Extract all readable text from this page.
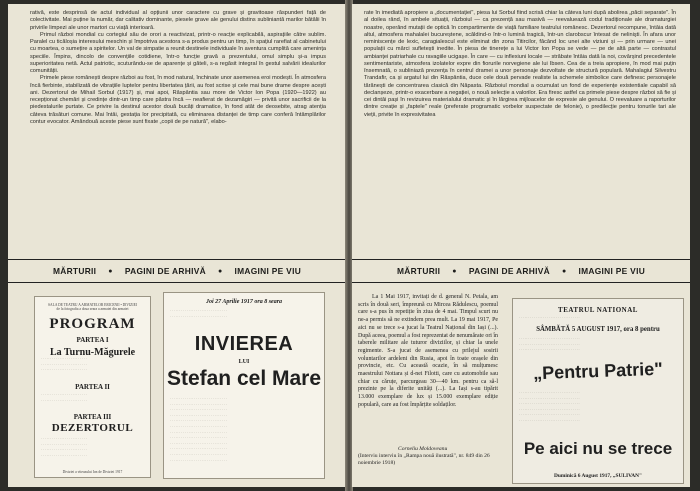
rativă, este desprinsă de actul individual al opțiunii unor caractere cu grave și gravitoase răspunderi față de colectivitate. Mai puține la număr, dar calitativ dominante, piesele grave ale genului distins subliniantă marilor bătălii în privirile limpezi ale unor martori cu viață interioară.

Primul război mondial cu cortegiul său de orori a reactivizat, printr-o reacție explicabilă, aspirațiile către sublim. Paralel cu ticăloșia interesului meschin și împotriva acestora s-a produs pentru un timp, în spațiul rarefiat al cabinetului cu moartea, o sumețire a spiritelor. Un val de simpatie a reunit destinele individuale în aventura cumplită care amenința speciile. Împins, dincolo de convențiile cotidiene, într-o funcție gravă a prezentului, omul simplu și-a impus superioritatea netă. Actul patriotic, scuturându-se de aparențe și găteli, s-a regăsit integral în gestul salvării idealurilor comunității.

Primele piese românești despre război au fost, în mod natural, închinate unor asemenea eroi modești. În atmosfera încă fierbinte, stabilizată de vibrațiile luptelor pentru libertatea țării, au fost scrise și cele mai bune drame despre acești ani. Dezertorul de Mihail Sorbul (1917) și, mai apoi, Răspântia sau more de Victor Ion Popa (1920—1922) au recepționat chemări și credințe dintr-un timp care păstra încă — neafierat de dezamăgiri — privită unor sacrificii de la piedestalurile purtate. Ce privire la destinul acestor două bucăți dramatice, în fond atât de deosebite, atrag atenția câteva trăsături comune. Mai întâi, gestația lor precipitată, cu eliminarea distanței de timp care conferă întâmplărilor contur evocator. Amândouă aceste piese sunt fixate „copii de pe natură", elabo-

MĂRTURII ● PAGINI DE ARHIVĂ ● IMAGINI PE VIU
SALA DE TEATRU A ARMATELOR ERICENII • DIVIZIEI
de la fotografia a doua seara a armatei din armatei
PROGRAM
PARTEA I
La Turnu-Măgurele
· · · · · · · · · · · · · · · · · · · · · · · · ·
· · · · · · · · · · · · · · · · · · · · · · · · ·
· · · · · · · · · · · · · · · · · · · · · · · · ·
PARTEA II
· · · · · · · · · · · · · · · · · · · · · · · · ·
· · · · · · · · · · · · · · · · · · · · · · · · ·
PARTEA III
DEZERTORUL
· · · · · · · · · · · · · · · · · · · · · · · · ·
· · · · · · · · · · · · · · · · · · · · · · · · ·
· · · · · · · · · · · · · · · · · · · · · · · · ·
· · · · · · · · · · · · · · · · · · · · · · · · ·
Diviziei a viteazului Ion de Diviziei 1917
Joi 27 Aprilie 1917 ora 8 seara
· · · · · · · · · · · · · · · · · · · · · · · · · · · · · · ·
· · · · · · · · · · · · · · · · · · · · · · · · · · · · · · ·
INVIEREA
LUI
Stefan cel Mare
· · · · · · · · · · · · · · · · · · · · · · · · · · · · · · ·
· · · · · · · · · · · · · · · · · · · · · · · · · · · · · · ·
· · · · · · · · · · · · · · · · · · · · · · · · · · · · · · ·
· · · · · · · · · · · · · · · · · · · · · · · · · · · · · · ·
· · · · · · · · · · · · · · · · · · · · · · · · · · · · · · ·
· · · · · · · · · · · · · · · · · · · · · · · · · · · · · · ·
· · · · · · · · · · · · · · · · · · · · · · · · · · · · · · ·
· · · · · · · · · · · · · · · · · · · · · · · · · · · · · · ·
· · · · · · · · · · · · · · · · · · · · · · · · · · · · · · ·
· · · · · · · · · · · · · · · · · · · · · · · · · · · · · · ·
· · · · · · · · · · · · · · · · · · · · · · · · · · · · · · ·
· · · · · · · · · · · · · · · · · · · · · · · · · · · · · · ·

rate în imediată apropiere a „documentației", piesa lui Sorbul fiind scrisă chiar la câteva luni după abolirea „păcii separate". În al doilea rând, în ambele situații, războiul — ca prezență sau masivă — reevaluează codul tradiționale ale dramaturgiei noastre, operând mutații de optică în compartimente de viață familiare teatrului românesc. Dezertorul recompune, întâia dată altul, atmosfera mahalalei bucureștene, scăldind-o într-o lumină tragică, într-un clarobscur întesat de nelinişti. În afara unor reminiscențe de lexic, caragialescul este eliminat din zona Titircilor, făcând loc unei alte viziuni și — prin urmare — unei populații cu mărci sufletești inedite. În piesa de tinerețe a lui Victor Ion Popa se vede — pe de altă parte — contrastul ambianței patriarhale cu ravagiile ucigașe. În care — cu inflexiuni locale — străbate întâia dată la noi, covârșind precedentele sentimentariste, atmosfera izolatelor expre din fiorurile norvegiene ale lui Ibsen. Cea de a treia apropiere, în mod mai puțin însemnată, o subliniază prezența în centrul dramei a unor personaje dezvoltate de structură populară. Mahalagiul Silvestru Trandafir, ca și argatul lui din Răspântia, duce cele două pervade realiste la schemele simbolice care definesc personajele tărănești de concentrarea clasică din Năpasta. Războiul mondial a ocumulat un fond de experiențe existentiale capabil să declanșeze, printr-o exacerbare a negației, o nouă selecție a valorilor. Era firesc astfel ca primele piese despre război să fie și cei dintâi pași în revizuirea materialului dramatic și în lărgirea mijloacelor de expresie ale genului. O reevaluare a raporturilor dintre creație și „faptele" reale (preferate programatic vorbelor suspectate de felonie), o predilecție pentru tonurile tari ale vieții, privite în expresivitatea

MĂRTURII ● PAGINI DE ARHIVĂ ● IMAGINI PE VIU
La 1 Mai 1917, invitați de d. general N. Petala, am scris în două seri, împreună cu Mircea Rădulescu, poemul care s-a pus în repetiție în ziua de 4 mai. Timpul scurt nu ne-a permis să ne extindem prea mult. La 19 mai 1917, Pe aici nu se trece s-a jucat la Teatrul Național din Iași (...). După aceea, poemul a fost reprezentat de nenumărate ori în taberele militare ale tuturor diviziilor, și chiar la unele regimente. S-a jucat de asemenea cu prilejul sosirii voluntarilor ardeleni din Rusia, apoi în toate orașele din provincie, etc. Cu această ocazie, în să mulțumesc maestrului Nottara și d-nei Filotti, care cu automobile sau chiar cu căruțe, parcurgeau 30—40 km. pentru ca să-l prezinte pe la diferite unități (...). La Iași s-au tipărit 13.000 exemplare de lux și 15.000 exemplare ediție populară, care au fost împărțite soldaților.
Corneliu Moldoveanu
(Interviu interviu în „Rampa nouă ilustrată", nr. 849 din 26 noiembrie 1918)
TEATRUL NATIONAL
· · · · · · · · · · · · · · · · · · · · · · · · · · · · · · · · ·
SÂMBĂTĂ 5 AUGUST 1917, ora 8 pentru
· · · · · · · · · · · · · · · · · · · · · · · · · · · · · · · · ·
· · · · · · · · · · · · · · · · · · · · · · · · · · · · · · · · ·
· · · · · · · · · · · · · · · · · · · · · · · · · · · · · · · · ·
„Pentru Patrie"
· · · · · · · · · · · · · · · · · · · · · · · · · · · · · · · · ·
· · · · · · · · · · · · · · · · · · · · · · · · · · · · · · · · ·
· · · · · · · · · · · · · · · · · · · · · · · · · · · · · · · · ·
· · · · · · · · · · · · · · · · · · · · · · · · · · · · · · · · ·
· · · · · · · · · · · · · · · · · · · · · · · · · · · · · · · · ·
· · · · · · · · · · · · · · · · · · · · · · · · · · · · · · · · ·
Pe aici nu se trece
Duminică 6 August 1917, „SULIVAN"
